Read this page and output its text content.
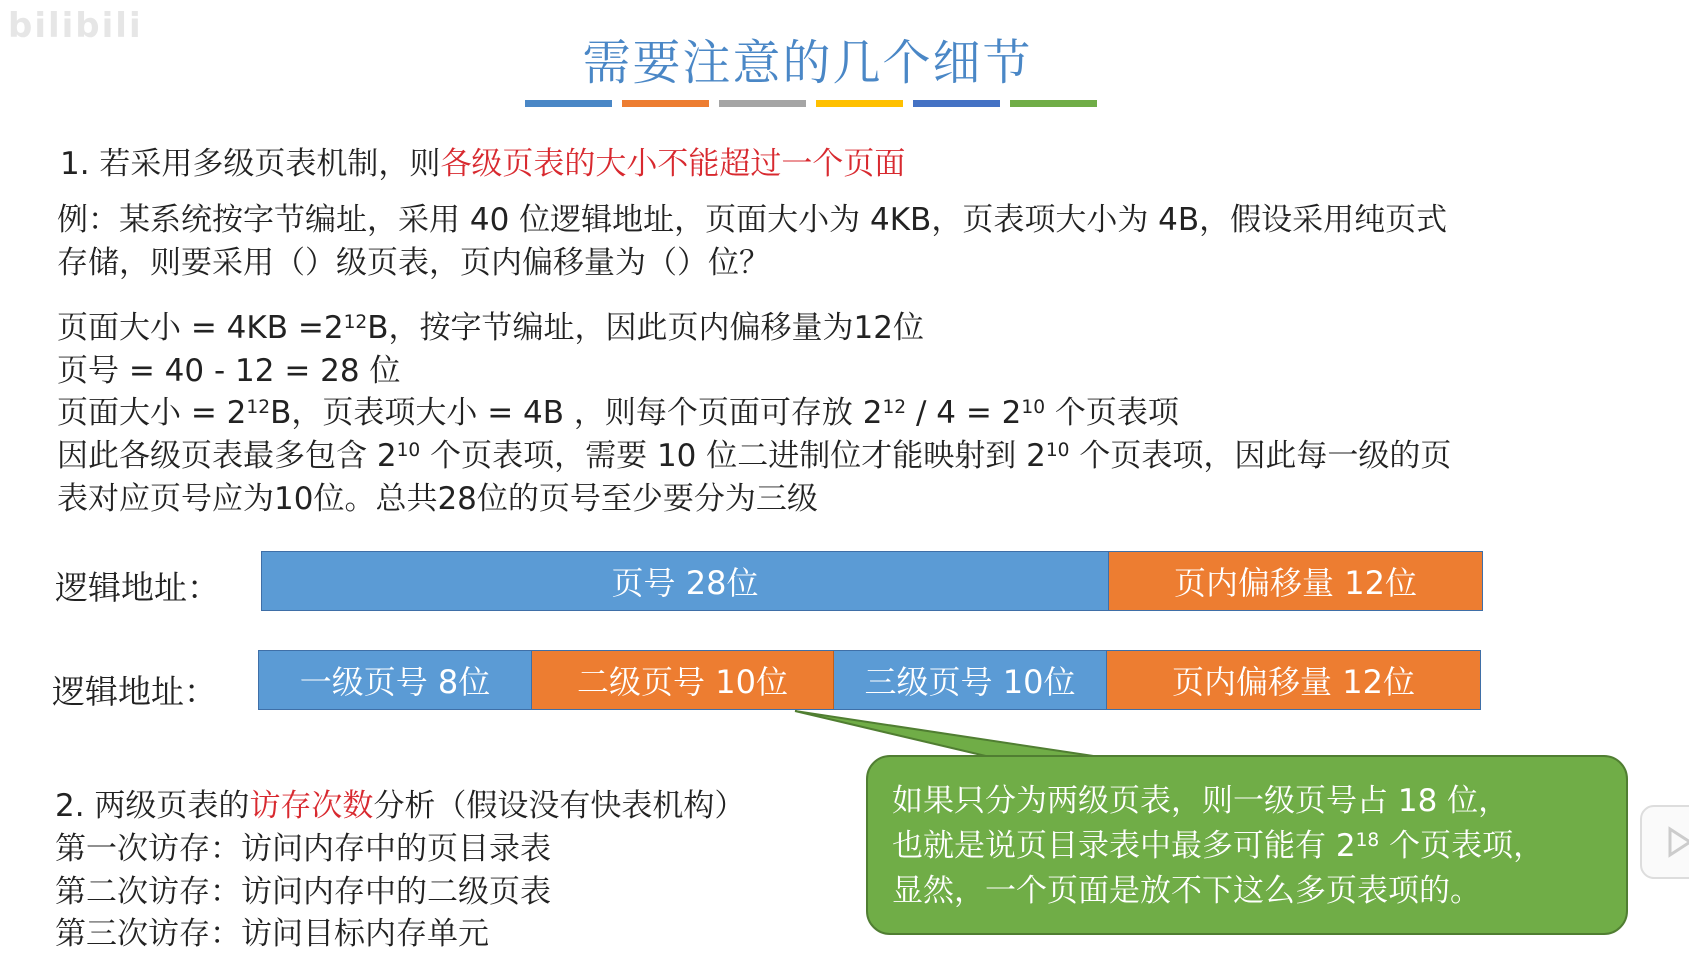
bilibili
需要注意的几个细节
1. 若采用多级页表机制，则各级页表的大小不能超过一个页面
例：某系统按字节编址，采用 40 位逻辑地址，页面大小为 4KB，页表项大小为 4B，假设采用纯页式
存储，则要采用（）级页表，页内偏移量为（）位？
页面大小 = $4KB =2^{12}B$，按字节编址，因此页内偏移量为12位
页号 = 40 - 12 = 28 位
页面大小 = $2^{12}B$，页表项大小 = 4B ，则每个页面可存放 $2^{12} / 4 = 2^{10}$ 个页表项
因此各级页表最多包含 $2^{10}$ 个页表项，需要 10 位二进制位才能映射到 $2^{10}$ 个页表项，因此每一级的页
表对应页号应为10位。总共28位的页号至少要分为三级
逻辑地址：	页号 28位	页内偏移量 12位
逻辑地址：	一级页号 8位	二级页号 10位	三级页号 10位	页内偏移量 12位
如果只分为两级页表，则一级页号占 18 位，
也就是说页目录表中最多可能有 $2^{18}$ 个页表项，
显然，一个页面是放不下这么多页表项的。
2. 两级页表的访存次数分析（假设没有快表机构）
第一次访存：访问内存中的页目录表
第二次访存：访问内存中的二级页表
第三次访存：访问目标内存单元
